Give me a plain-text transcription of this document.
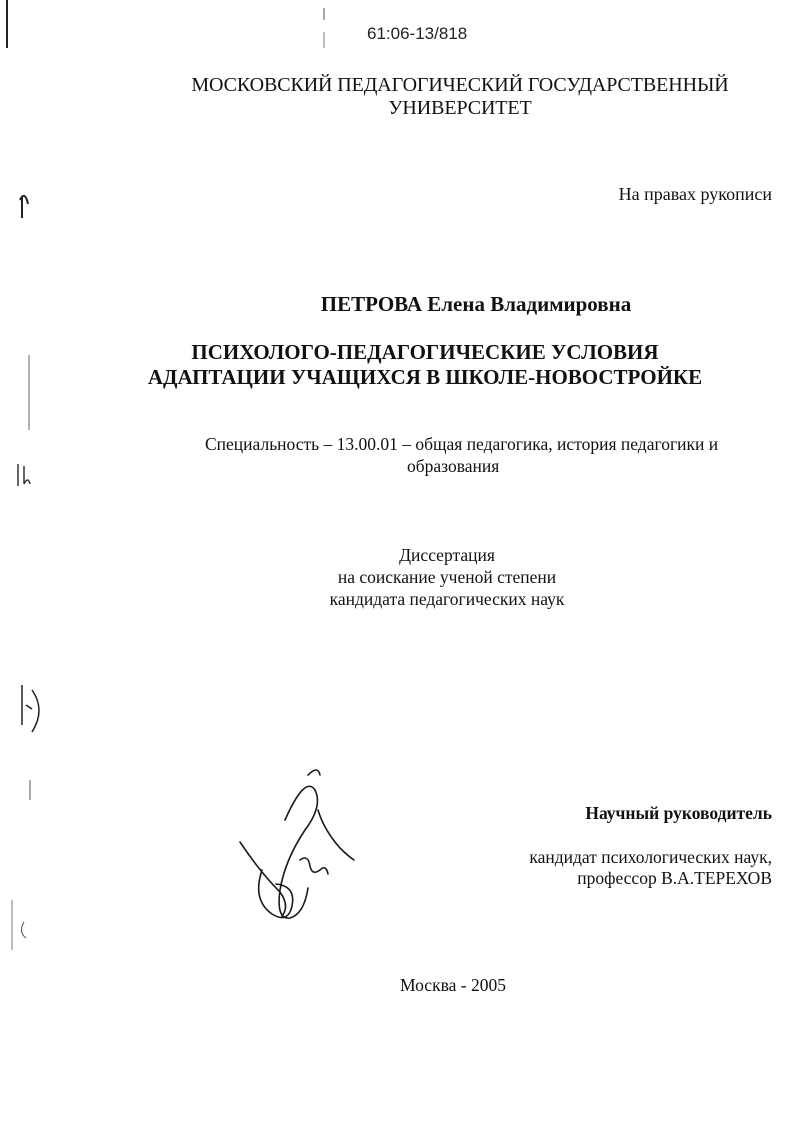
61:06-13/818
МОСКОВСКИЙ ПЕДАГОГИЧЕСКИЙ ГОСУДАРСТВЕННЫЙ
УНИВЕРСИТЕТ
На правах рукописи
ПЕТРОВА Елена Владимировна
ПСИХОЛОГО-ПЕДАГОГИЧЕСКИЕ УСЛОВИЯ
АДАПТАЦИИ УЧАЩИХСЯ В ШКОЛЕ-НОВОСТРОЙКЕ
Специальность – 13.00.01 – общая педагогика, история педагогики и
образования
Диссертация
на соискание ученой степени
кандидата педагогических наук
Научный руководитель
кандидат психологических наук,
профессор В.А.ТЕРЕХОВ
Москва - 2005
